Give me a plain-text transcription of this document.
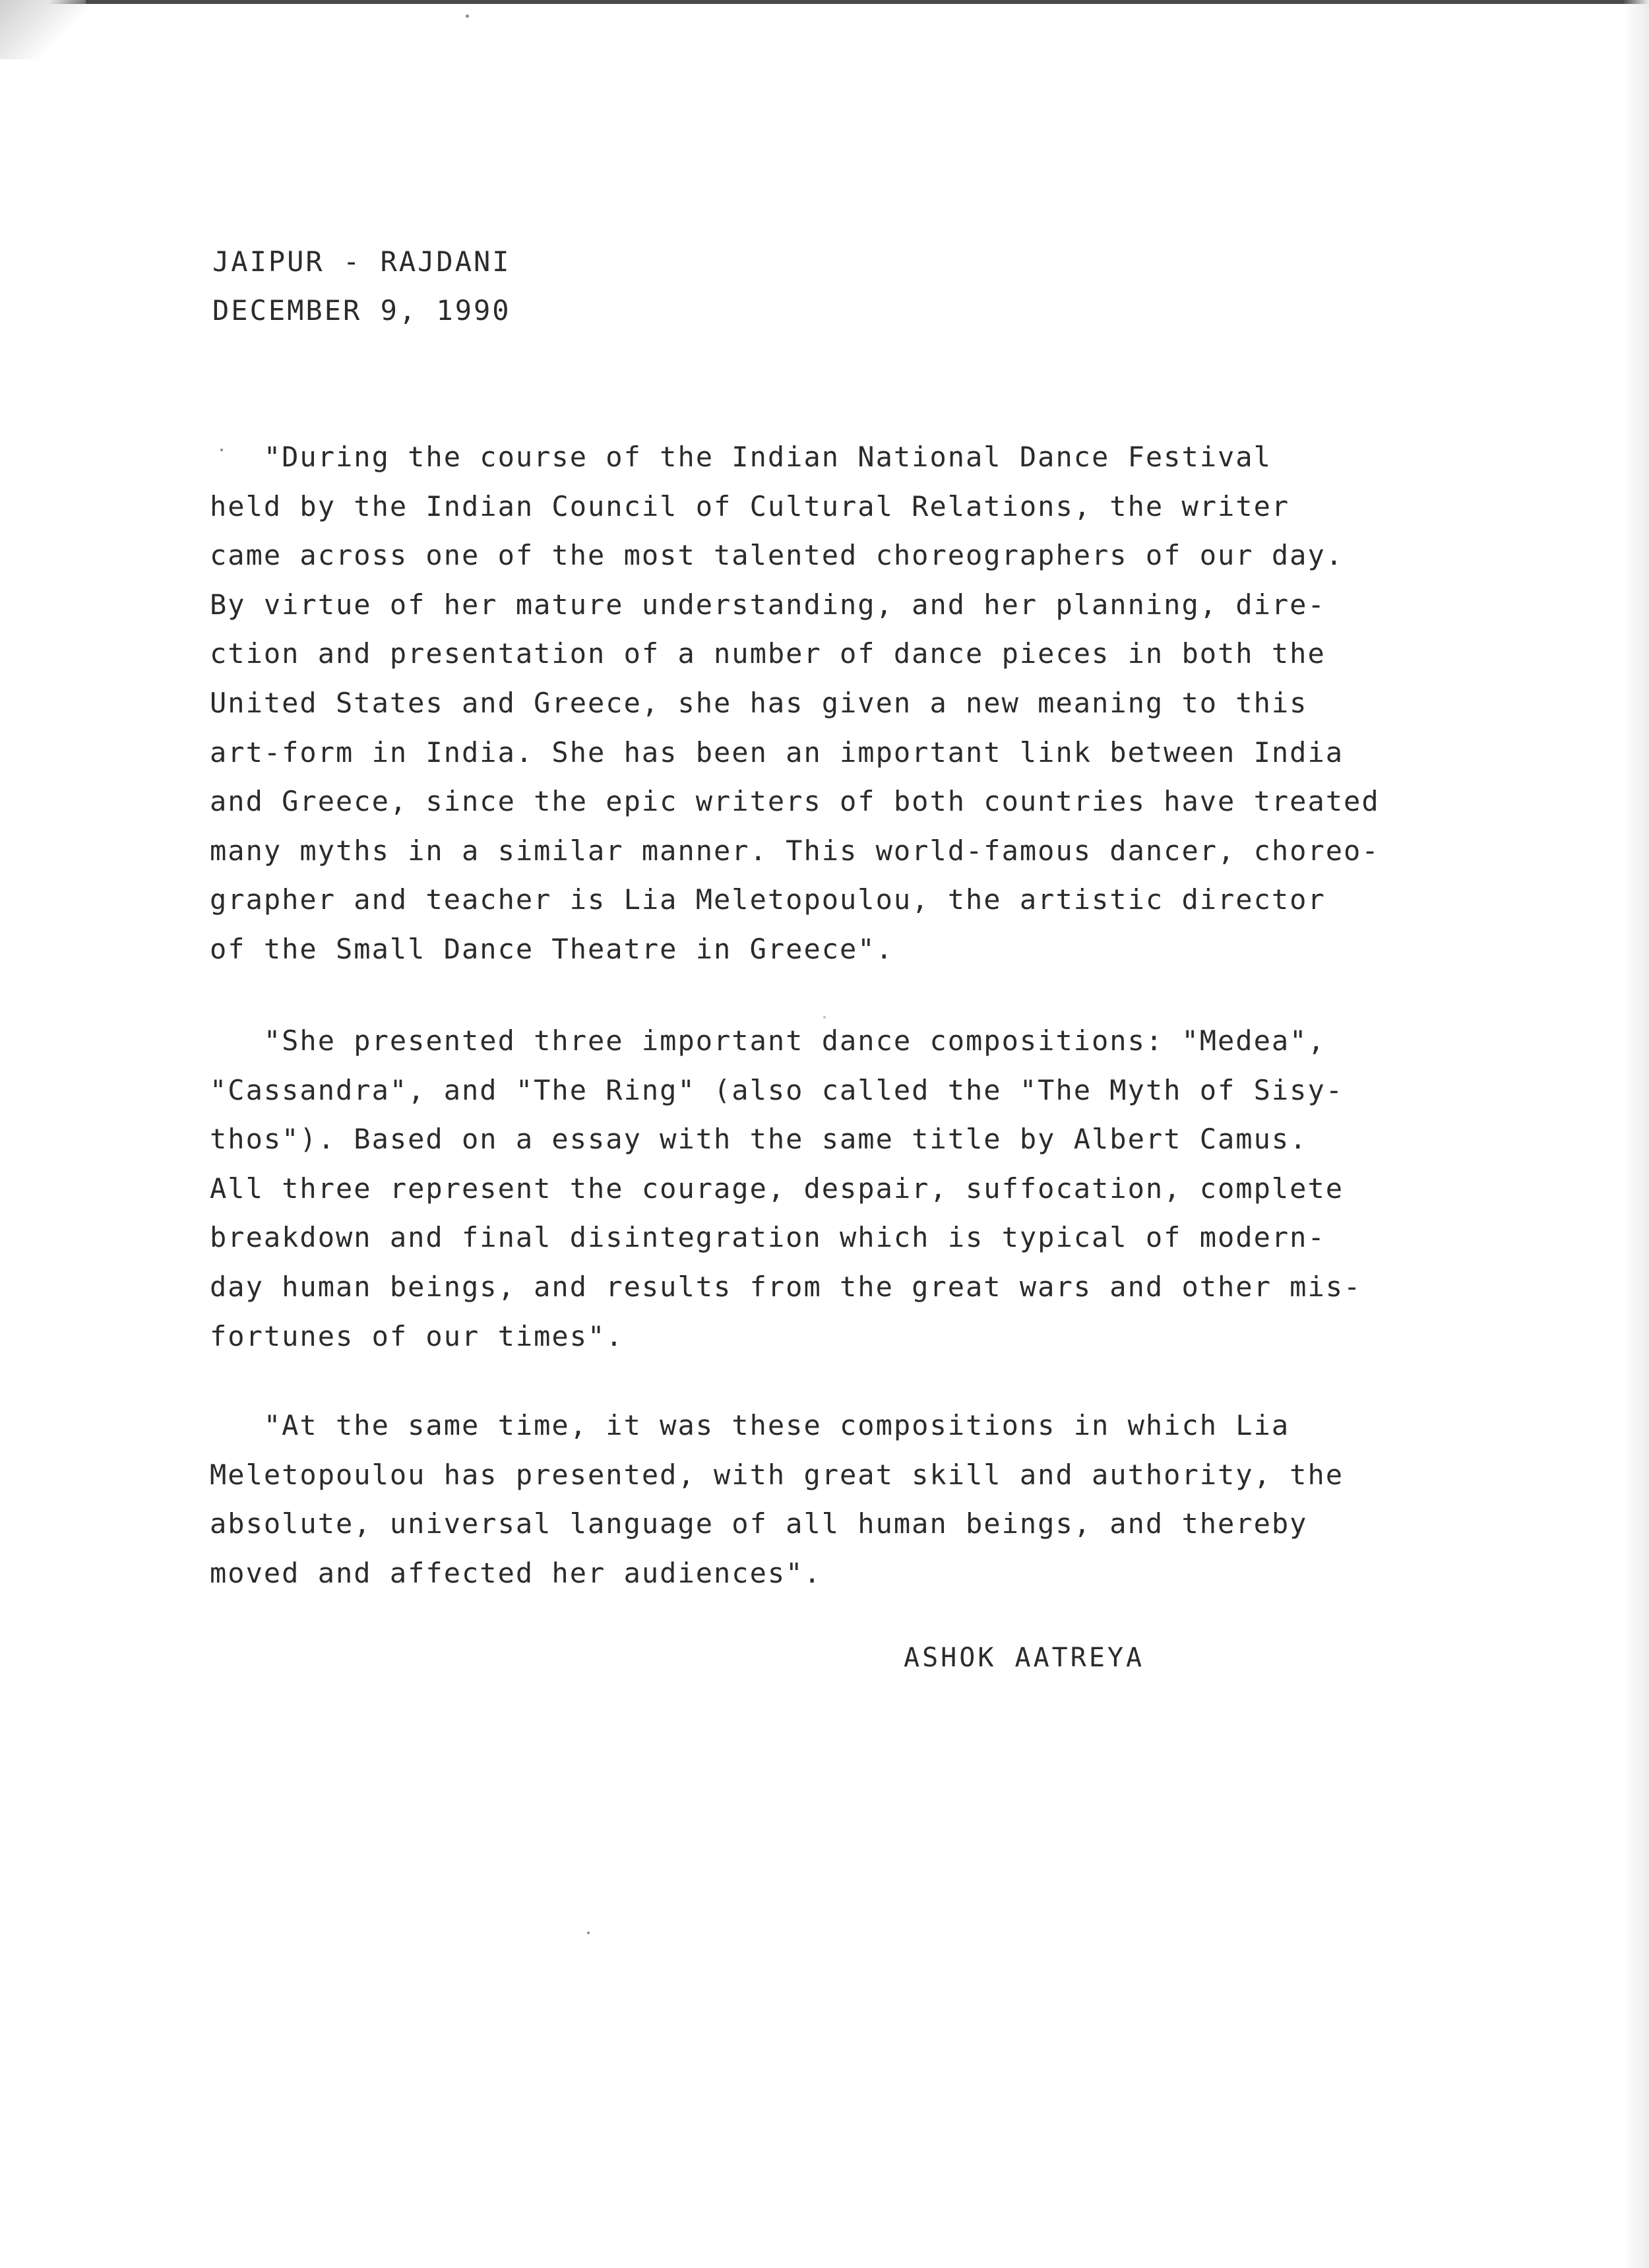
JAIPUR - RAJDANI
DECEMBER 9, 1990
"During the course of the Indian National Dance Festival
held by the Indian Council of Cultural Relations, the writer
came across one of the most talented choreographers of our day.
By virtue of her mature understanding, and her planning, dire-
ction and presentation of a number of dance pieces in both the
United States and Greece, she has given a new meaning to this
art-form in India. She has been an important link between India
and Greece, since the epic writers of both countries have treated
many myths in a similar manner. This world-famous dancer, choreo-
grapher and teacher is Lia Meletopoulou, the artistic director
of the Small Dance Theatre in Greece".
"She presented three important dance compositions: "Medea",
"Cassandra", and "The Ring" (also called the "The Myth of Sisy-
thos"). Based on a essay with the same title by Albert Camus.
All three represent the courage, despair, suffocation, complete
breakdown and final disintegration which is typical of modern-
day human beings, and results from the great wars and other mis-
fortunes of our times".
"At the same time, it was these compositions in which Lia
Meletopoulou has presented, with great skill and authority, the
absolute, universal language of all human beings, and thereby
moved and affected her audiences".
ASHOK AATREYA
